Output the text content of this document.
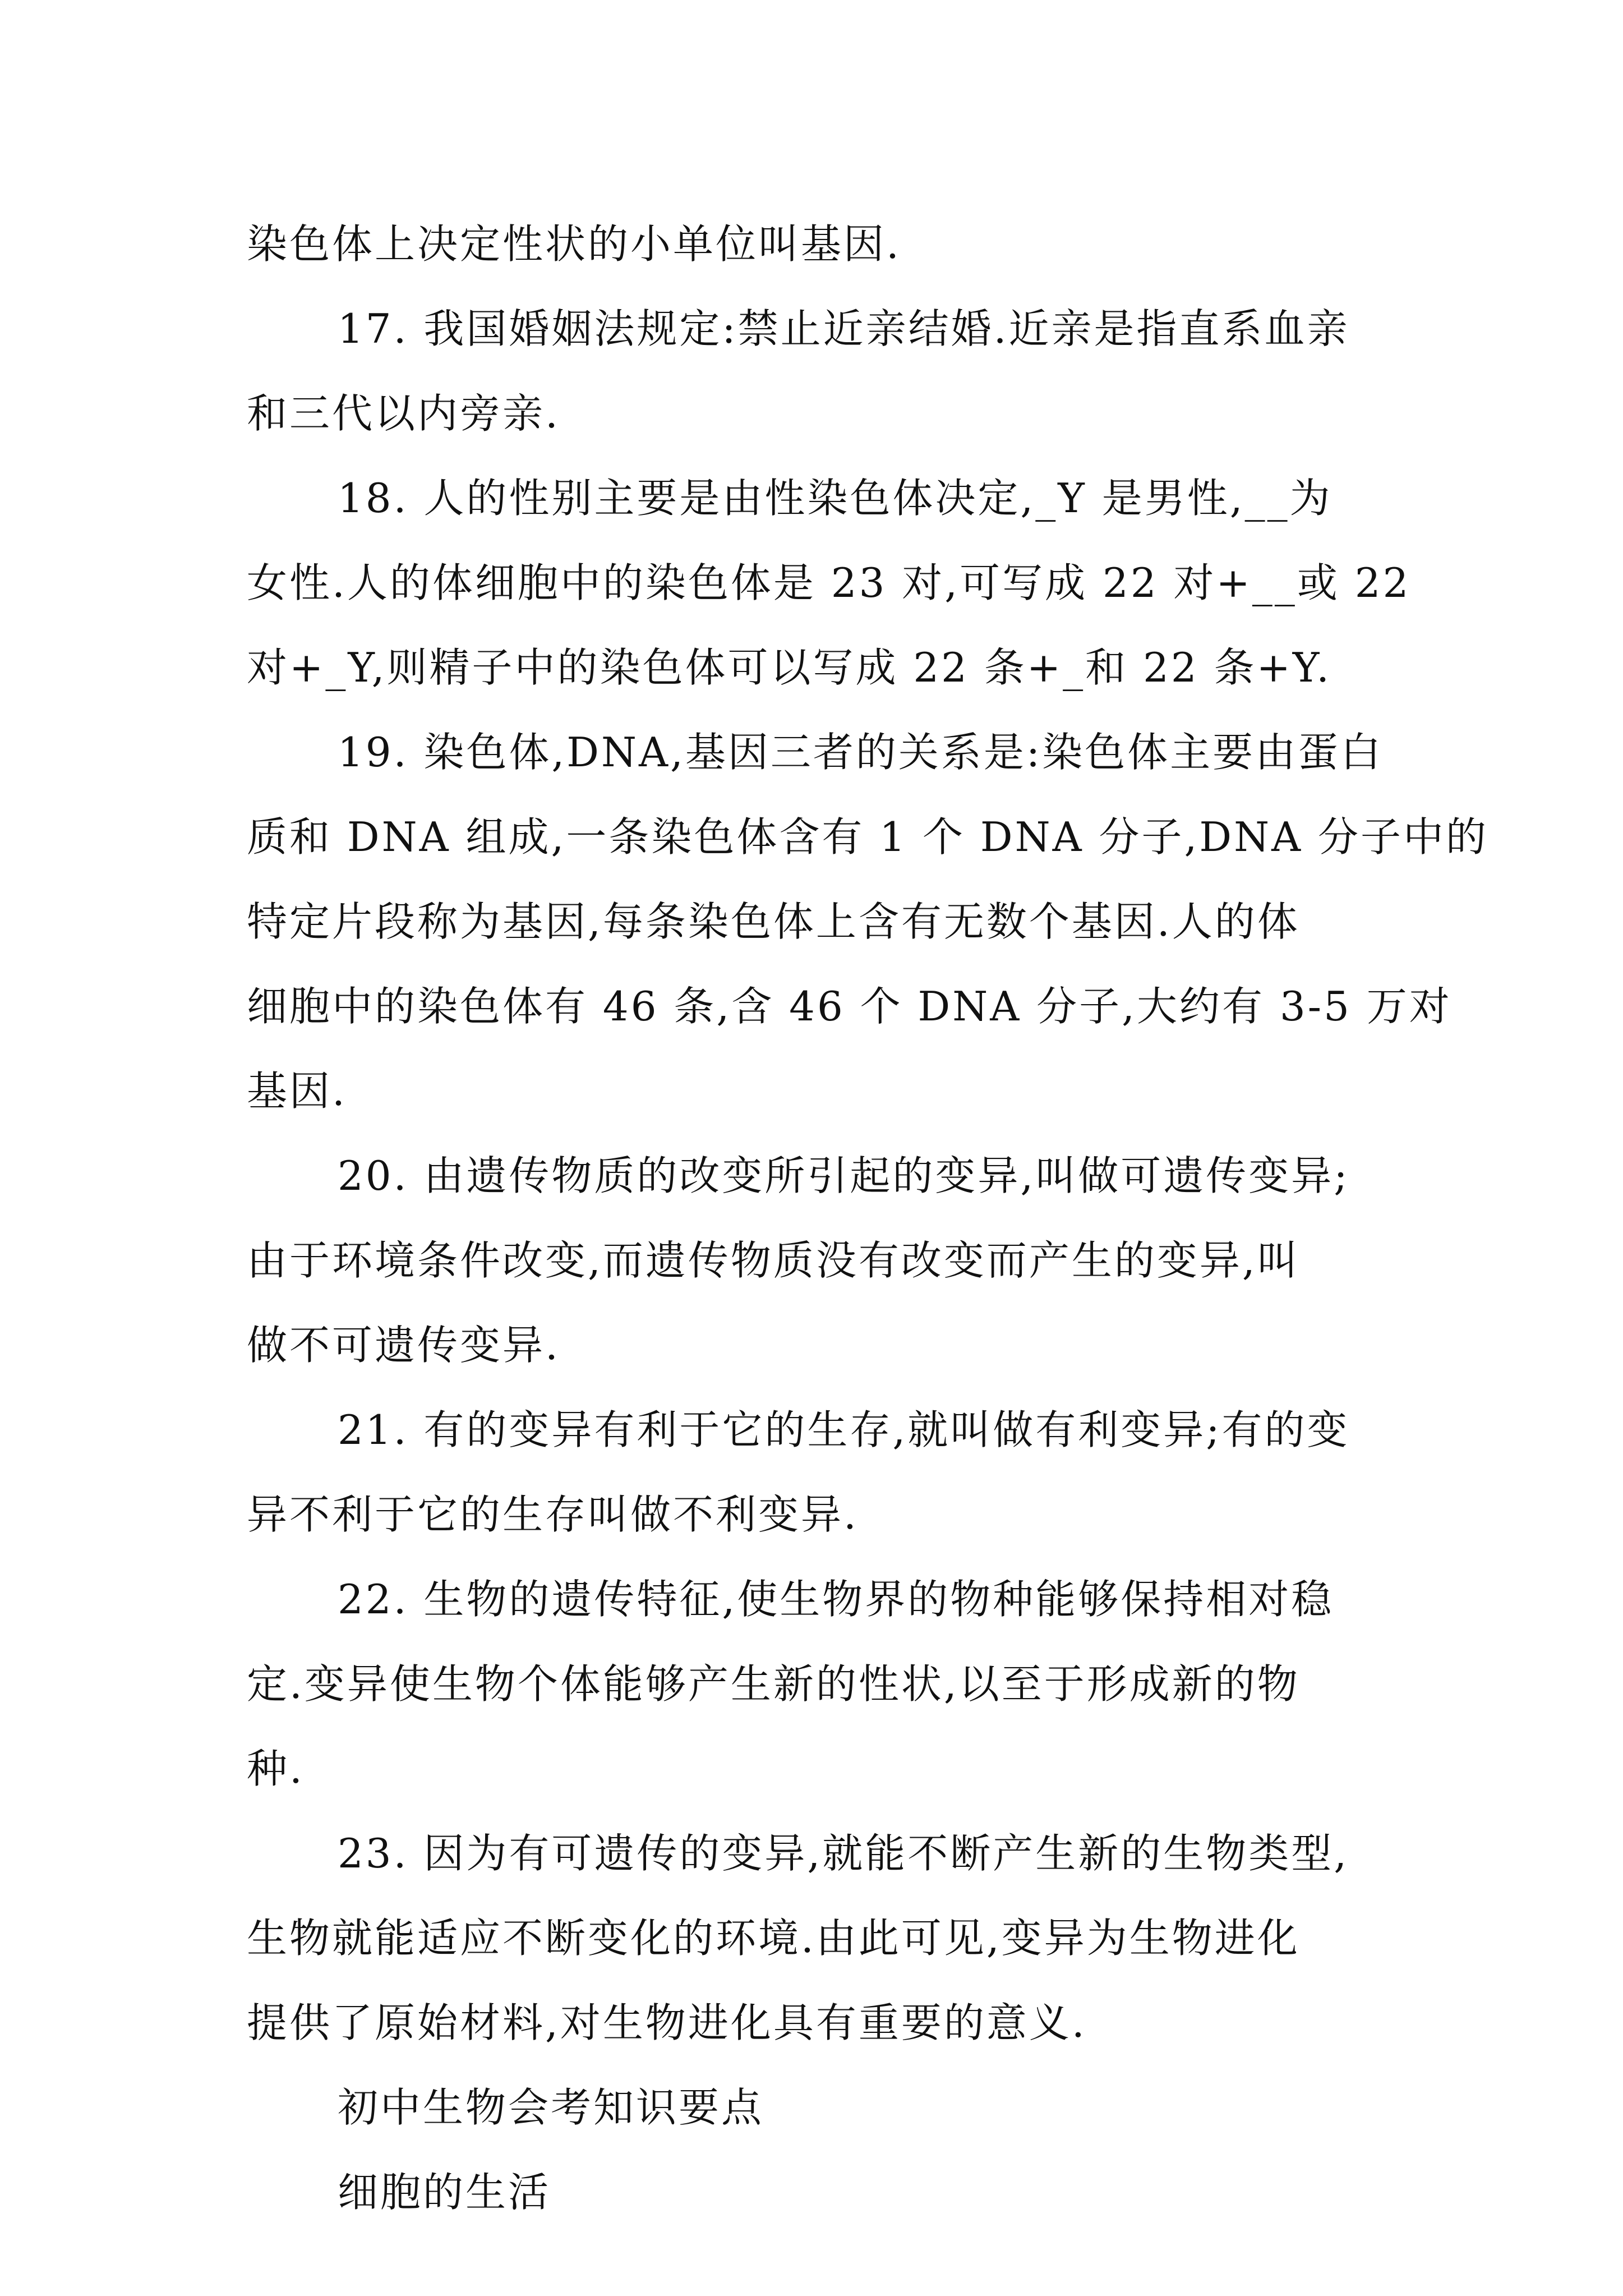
染色体上决定性状的小单位叫基因.

17. 我国婚姻法规定:禁止近亲结婚.近亲是指直系血亲

和三代以内旁亲.

18. 人的性别主要是由性染色体决定,_Y 是男性,__为

女性.人的体细胞中的染色体是 23 对,可写成 22 对+__或 22

对+_Y,则精子中的染色体可以写成 22 条+_和 22 条+Y.

19. 染色体,DNA,基因三者的关系是:染色体主要由蛋白

质和 DNA 组成,一条染色体含有 1 个 DNA 分子,DNA 分子中的

特定片段称为基因,每条染色体上含有无数个基因.人的体

细胞中的染色体有 46 条,含 46 个 DNA 分子,大约有 3-5 万对

基因.

20. 由遗传物质的改变所引起的变异,叫做可遗传变异;

由于环境条件改变,而遗传物质没有改变而产生的变异,叫

做不可遗传变异.

21. 有的变异有利于它的生存,就叫做有利变异;有的变

异不利于它的生存叫做不利变异.

22. 生物的遗传特征,使生物界的物种能够保持相对稳

定.变异使生物个体能够产生新的性状,以至于形成新的物

种.

23. 因为有可遗传的变异,就能不断产生新的生物类型,

生物就能适应不断变化的环境.由此可见,变异为生物进化

提供了原始材料,对生物进化具有重要的意义.

初中生物会考知识要点

细胞的生活
